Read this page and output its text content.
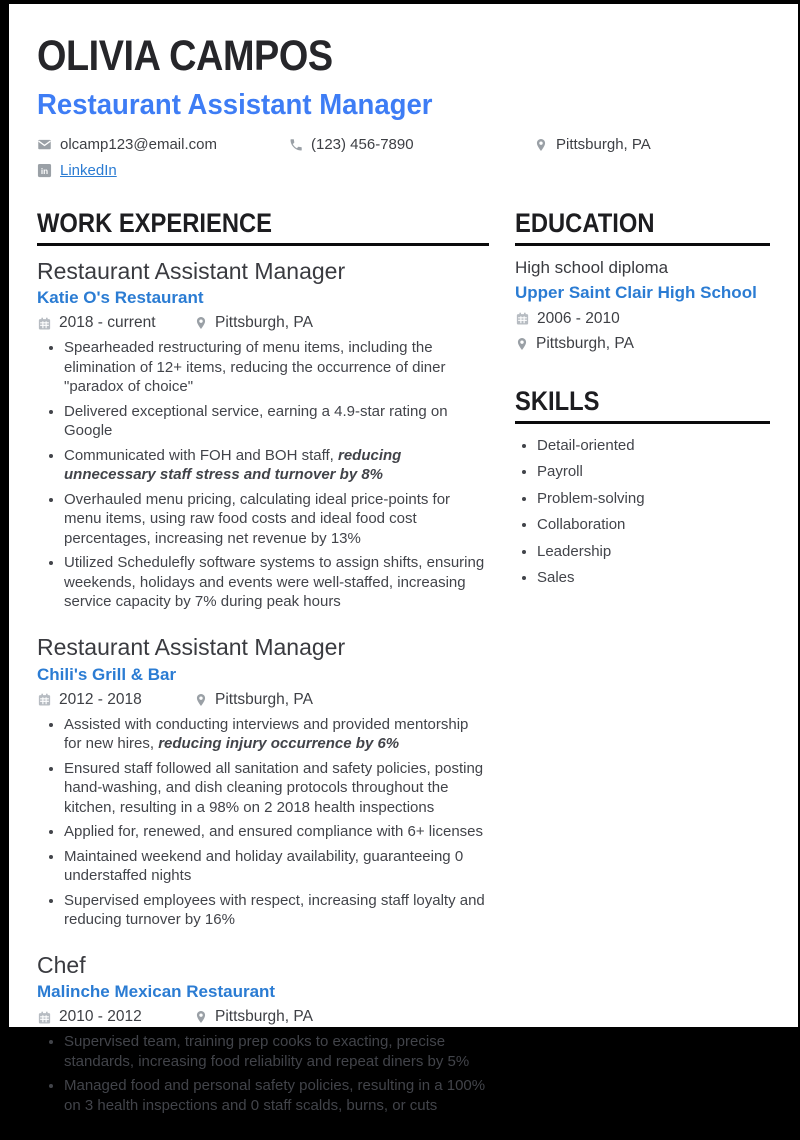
OLIVIA CAMPOS
Restaurant Assistant Manager
olcamp123@email.com	(123) 456-7890	Pittsburgh, PA
LinkedIn
WORK EXPERIENCE
Restaurant Assistant Manager
Katie O's Restaurant
2018 - current	Pittsburgh, PA
• Spearheaded restructuring of menu items, including the elimination of 12+ items, reducing the occurrence of diner "paradox of choice"
• Delivered exceptional service, earning a 4.9-star rating on Google
• Communicated with FOH and BOH staff, reducing unnecessary staff stress and turnover by 8%
• Overhauled menu pricing, calculating ideal price-points for menu items, using raw food costs and ideal food cost percentages, increasing net revenue by 13%
• Utilized Schedulefly software systems to assign shifts, ensuring weekends, holidays and events were well-staffed, increasing service capacity by 7% during peak hours
Restaurant Assistant Manager
Chili's Grill & Bar
2012 - 2018	Pittsburgh, PA
• Assisted with conducting interviews and provided mentorship for new hires, reducing injury occurrence by 6%
• Ensured staff followed all sanitation and safety policies, posting hand-washing, and dish cleaning protocols throughout the kitchen, resulting in a 98% on 2 2018 health inspections
• Applied for, renewed, and ensured compliance with 6+ licenses
• Maintained weekend and holiday availability, guaranteeing 0 understaffed nights
• Supervised employees with respect, increasing staff loyalty and reducing turnover by 16%
Chef
Malinche Mexican Restaurant
2010 - 2012	Pittsburgh, PA
• Supervised team, training prep cooks to exacting, precise standards, increasing food reliability and repeat diners by 5%
• Managed food and personal safety policies, resulting in a 100% on 3 health inspections and 0 staff scalds, burns, or cuts
EDUCATION
High school diploma
Upper Saint Clair High School
2006 - 2010
Pittsburgh, PA
SKILLS
• Detail-oriented
• Payroll
• Problem-solving
• Collaboration
• Leadership
• Sales
